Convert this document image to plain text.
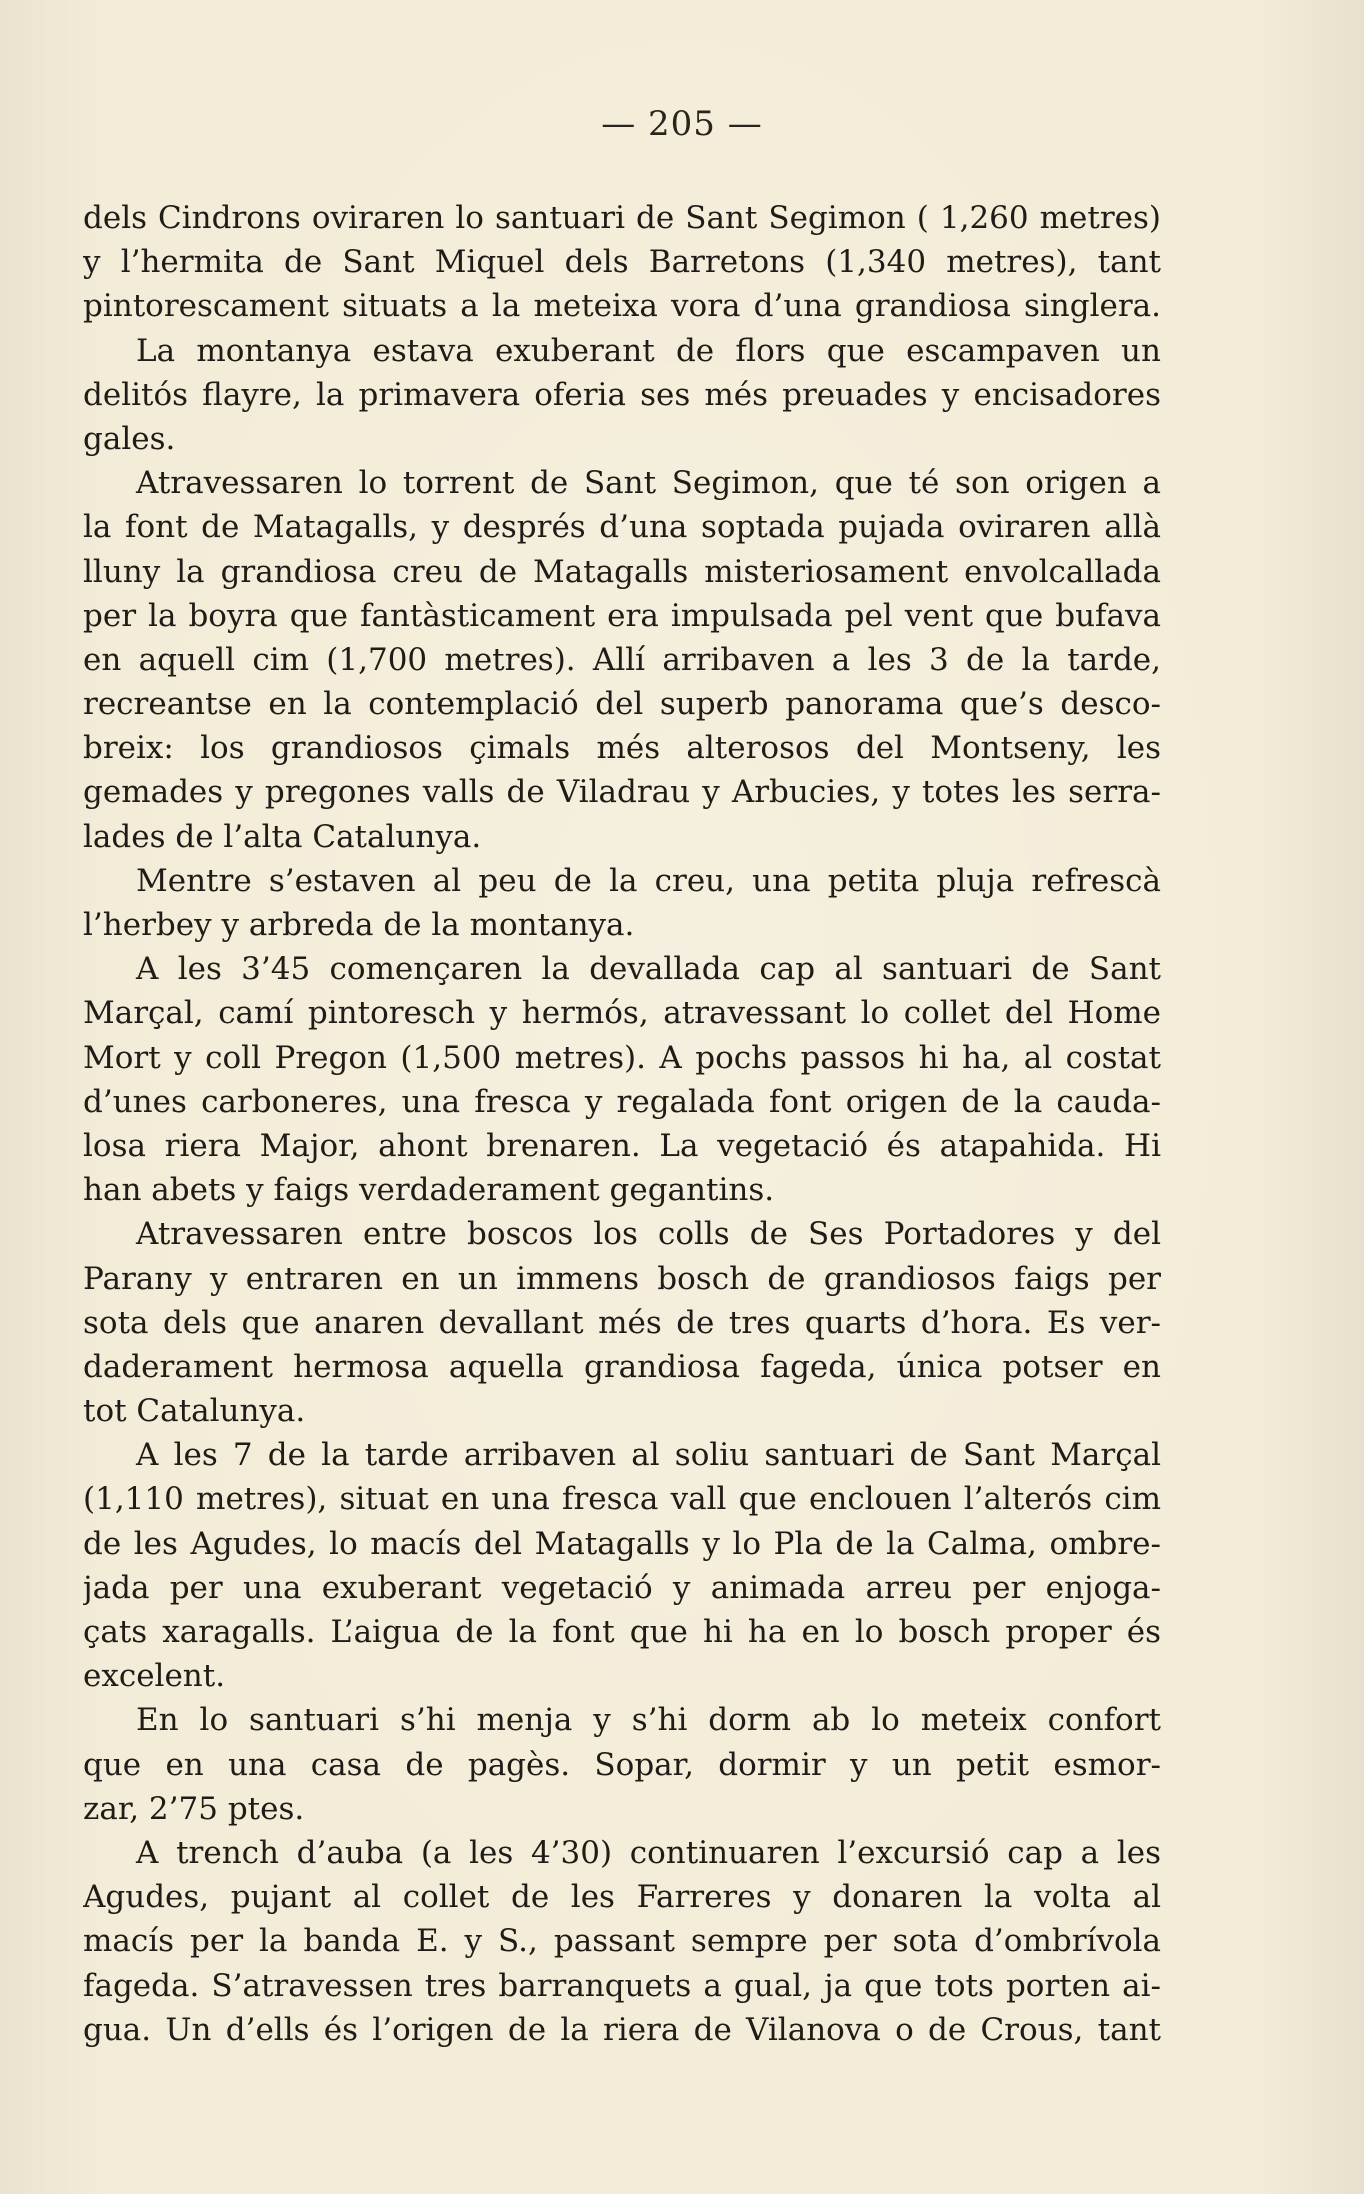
— 205 —
dels Cindrons oviraren lo santuari de Sant Segimon ( 1,260 metres)
y l’hermita de Sant Miquel dels Barretons (1,340 metres), tant
pintorescament situats a la meteixa vora d’una grandiosa singlera.
La montanya estava exuberant de flors que escampaven un
delitós flayre, la primavera oferia ses més preuades y encisadores
gales.
Atravessaren lo torrent de Sant Segimon, que té son origen a
la font de Matagalls, y després d’una soptada pujada oviraren allà
lluny la grandiosa creu de Matagalls misteriosament envolcallada
per la boyra que fantàsticament era impulsada pel vent que bufava
en aquell cim (1,700 metres). Allí arribaven a les 3 de la tarde,
recreantse en la contemplació del superb panorama que’s desco-
breix: los grandiosos çimals més alterosos del Montseny, les
gemades y pregones valls de Viladrau y Arbucies, y totes les serra-
lades de l’alta Catalunya.
Mentre s’estaven al peu de la creu, una petita pluja refrescà
l’herbey y arbreda de la montanya.
A les 3’45 començaren la devallada cap al santuari de Sant
Marçal, camí pintoresch y hermós, atravessant lo collet del Home
Mort y coll Pregon (1,500 metres). A pochs passos hi ha, al costat
d’unes carboneres, una fresca y regalada font origen de la cauda-
losa riera Major, ahont brenaren. La vegetació és atapahida. Hi
han abets y faigs verdaderament gegantins.
Atravessaren entre boscos los colls de Ses Portadores y del
Parany y entraren en un immens bosch de grandiosos faigs per
sota dels que anaren devallant més de tres quarts d’hora. Es ver-
daderament hermosa aquella grandiosa fageda, única potser en
tot Catalunya.
A les 7 de la tarde arribaven al soliu santuari de Sant Marçal
(1,110 metres), situat en una fresca vall que enclouen l’alterós cim
de les Agudes, lo macís del Matagalls y lo Pla de la Calma, ombre-
jada per una exuberant vegetació y animada arreu per enjoga-
çats xaragalls. L’aigua de la font que hi ha en lo bosch proper és
excelent.
En lo santuari s’hi menja y s’hi dorm ab lo meteix confort
que en una casa de pagès. Sopar, dormir y un petit esmor-
zar, 2’75 ptes.
A trench d’auba (a les 4’30) continuaren l’excursió cap a les
Agudes, pujant al collet de les Farreres y donaren la volta al
macís per la banda E. y S., passant sempre per sota d’ombrívola
fageda. S’atravessen tres barranquets a gual, ja que tots porten ai-
gua. Un d’ells és l’origen de la riera de Vilanova o de Crous, tant
